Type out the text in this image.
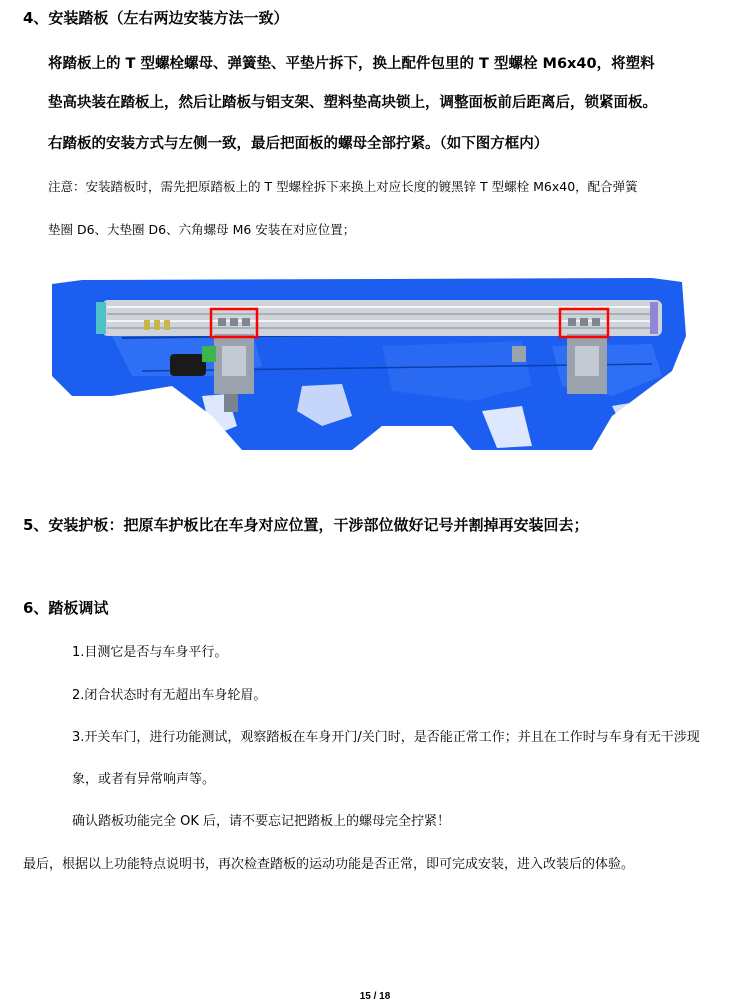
4、安装踏板（左右两边安装方法一致）
将踏板上的 T 型螺栓螺母、弹簧垫、平垫片拆下，换上配件包里的 T 型螺栓 M6x40，将塑料
垫高块装在踏板上，然后让踏板与铝支架、塑料垫高块锁上，调整面板前后距离后，锁紧面板。
右踏板的安装方式与左侧一致，最后把面板的螺母全部拧紧。（如下图方框内）
注意：安装踏板时，需先把原踏板上的 T 型螺栓拆下来换上对应长度的镀黑锌 T 型螺栓 M6x40，配合弹簧
垫圈 D6、大垫圈 D6、六角螺母 M6 安装在对应位置；
5、安装护板：把原车护板比在车身对应位置，干涉部位做好记号并割掉再安装回去；
6、踏板调试
1.目测它是否与车身平行。
2.闭合状态时有无超出车身轮眉。
3.开关车门，进行功能测试，观察踏板在车身开门/关门时，是否能正常工作；并且在工作时与车身有无干涉现
象，或者有异常响声等。
确认踏板功能完全 OK 后，请不要忘记把踏板上的螺母完全拧紧！
最后，根据以上功能特点说明书，再次检查踏板的运动功能是否正常，即可完成安装，进入改装后的体验。
15 / 18
